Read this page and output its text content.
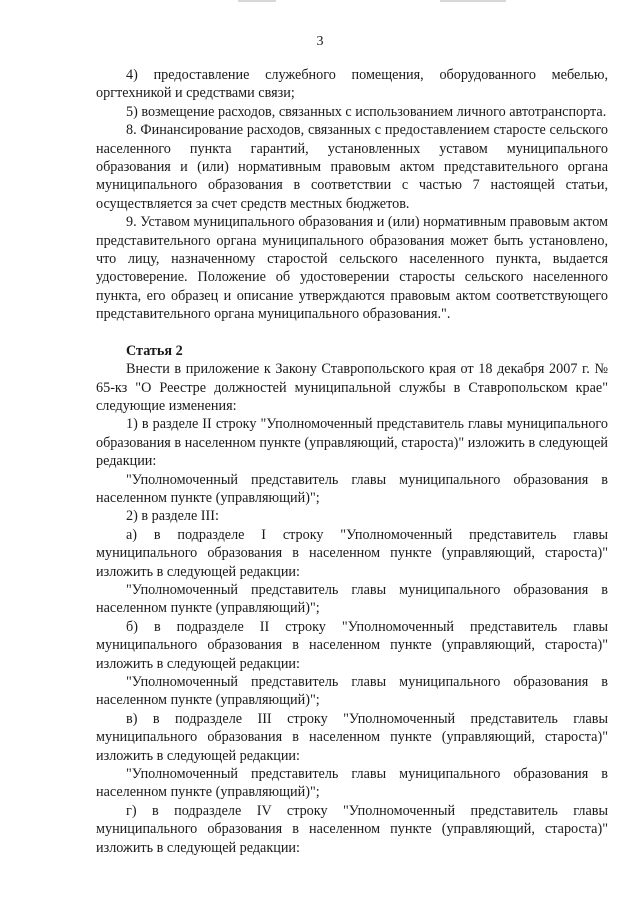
3

4) предоставление служебного помещения, оборудованного мебелью, оргтехникой и средствами связи;

5) возмещение расходов, связанных с использованием личного автотранспорта.

8. Финансирование расходов, связанных с предоставлением старосте сельского населенного пункта гарантий, установленных уставом муниципального образования и (или) нормативным правовым актом представительного органа муниципального образования в соответствии с частью 7 настоящей статьи, осуществляется за счет средств местных бюджетов.

9. Уставом муниципального образования и (или) нормативным правовым актом представительного органа муниципального образования может быть установлено, что лицу, назначенному старостой сельского населенного пункта, выдается удостоверение. Положение об удостоверении старосты сельского населенного пункта, его образец и описание утверждаются правовым актом соответствующего представительного органа муниципального образования.".

Статья 2

Внести в приложение к Закону Ставропольского края от 18 декабря 2007 г. № 65-кз "О Реестре должностей муниципальной службы в Ставропольском крае" следующие изменения:

1) в разделе II строку "Уполномоченный представитель главы муниципального образования в населенном пункте (управляющий, староста)" изложить в следующей редакции:

"Уполномоченный представитель главы муниципального образования в населенном пункте (управляющий)";

2) в разделе III:

а) в подразделе I строку "Уполномоченный представитель главы муниципального образования в населенном пункте (управляющий, староста)" изложить в следующей редакции:

"Уполномоченный представитель главы муниципального образования в населенном пункте (управляющий)";

б) в подразделе II строку "Уполномоченный представитель главы муниципального образования в населенном пункте (управляющий, староста)" изложить в следующей редакции:

"Уполномоченный представитель главы муниципального образования в населенном пункте (управляющий)";

в) в подразделе III строку "Уполномоченный представитель главы муниципального образования в населенном пункте (управляющий, староста)" изложить в следующей редакции:

"Уполномоченный представитель главы муниципального образования в населенном пункте (управляющий)";

г) в подразделе IV строку "Уполномоченный представитель главы муниципального образования в населенном пункте (управляющий, староста)" изложить в следующей редакции:
